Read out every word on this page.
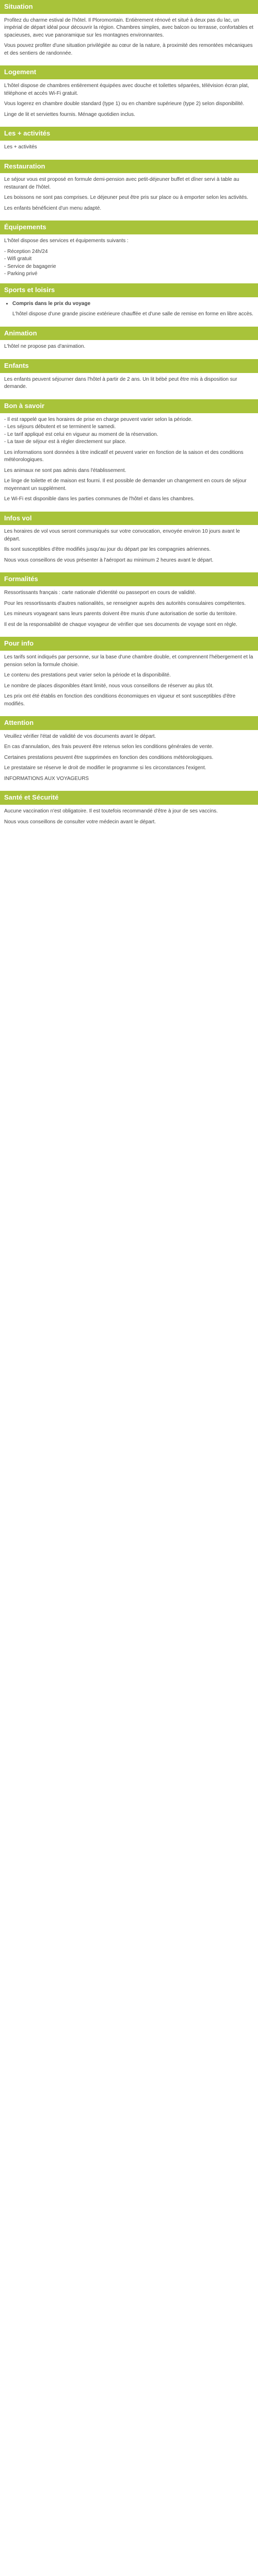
Situation

Profitez du charme estival de l'hôtel. Il Ploromontain. Entièrement rénové et situé à deux pas du lac, un impérial de départ idéal pour découvrir la région. Chambres simples, avec balcon ou terrasse, confortables et spacieuses, avec vue panoramique sur les montagnes environnantes.

Vous pouvez profiter d'une situation privilégiée au cœur de la nature, à proximité des remontées mécaniques et des sentiers de randonnée.

Logement

L'hôtel dispose de chambres entièrement équipées avec douche et toilettes séparées, télévision écran plat, téléphone et accès Wi-Fi gratuit.

Vous logerez en chambre double standard (type 1) ou en chambre supérieure (type 2) selon disponibilité.

Linge de lit et serviettes fournis. Ménage quotidien inclus.

Les + activités

Les + activités

Restauration

Le séjour vous est proposé en formule demi-pension avec petit-déjeuner buffet et dîner servi à table au restaurant de l'hôtel.

Les boissons ne sont pas comprises. Le déjeuner peut être pris sur place ou à emporter selon les activités.

Les enfants bénéficient d'un menu adapté.

Équipements

L'hôtel dispose des services et équipements suivants :

- Réception 24h/24
- Wifi gratuit
- Service de bagagerie
- Parking privé
Sports et loisirs
• Compris dans le prix du voyage

L'hôtel dispose d'une grande piscine extérieure chauffée et d'une salle de remise en forme en libre accès.

Animation

L'hôtel ne propose pas d'animation.

Enfants

Les enfants peuvent séjourner dans l'hôtel à partir de 2 ans. Un lit bébé peut être mis à disposition sur demande.

Bon à savoir
- Il est rappelé que les horaires de prise en charge peuvent varier selon la période.
- Les séjours débutent et se terminent le samedi.
- Le tarif appliqué est celui en vigueur au moment de la réservation.
- La taxe de séjour est à régler directement sur place.

Les informations sont données à titre indicatif et peuvent varier en fonction de la saison et des conditions météorologiques.

Les animaux ne sont pas admis dans l'établissement.

Le linge de toilette et de maison est fourni. Il est possible de demander un changement en cours de séjour moyennant un supplément.

Le Wi-Fi est disponible dans les parties communes de l'hôtel et dans les chambres.

Infos vol

Les horaires de vol vous seront communiqués sur votre convocation, envoyée environ 10 jours avant le départ.

Ils sont susceptibles d'être modifiés jusqu'au jour du départ par les compagnies aériennes.

Nous vous conseillons de vous présenter à l'aéroport au minimum 2 heures avant le départ.

Formalités

Ressortissants français : carte nationale d'identité ou passeport en cours de validité.

Pour les ressortissants d'autres nationalités, se renseigner auprès des autorités consulaires compétentes.

Les mineurs voyageant sans leurs parents doivent être munis d'une autorisation de sortie du territoire.

Il est de la responsabilité de chaque voyageur de vérifier que ses documents de voyage sont en règle.

Pour info

Les tarifs sont indiqués par personne, sur la base d'une chambre double, et comprennent l'hébergement et la pension selon la formule choisie.

Le contenu des prestations peut varier selon la période et la disponibilité.

Le nombre de places disponibles étant limité, nous vous conseillons de réserver au plus tôt.

Les prix ont été établis en fonction des conditions économiques en vigueur et sont susceptibles d'être modifiés.

Attention

Veuillez vérifier l'état de validité de vos documents avant le départ.

En cas d'annulation, des frais peuvent être retenus selon les conditions générales de vente.

Certaines prestations peuvent être supprimées en fonction des conditions météorologiques.

Le prestataire se réserve le droit de modifier le programme si les circonstances l'exigent.

INFORMATIONS AUX VOYAGEURS

Santé et Sécurité

Aucune vaccination n'est obligatoire. Il est toutefois recommandé d'être à jour de ses vaccins.

Nous vous conseillons de consulter votre médecin avant le départ.
